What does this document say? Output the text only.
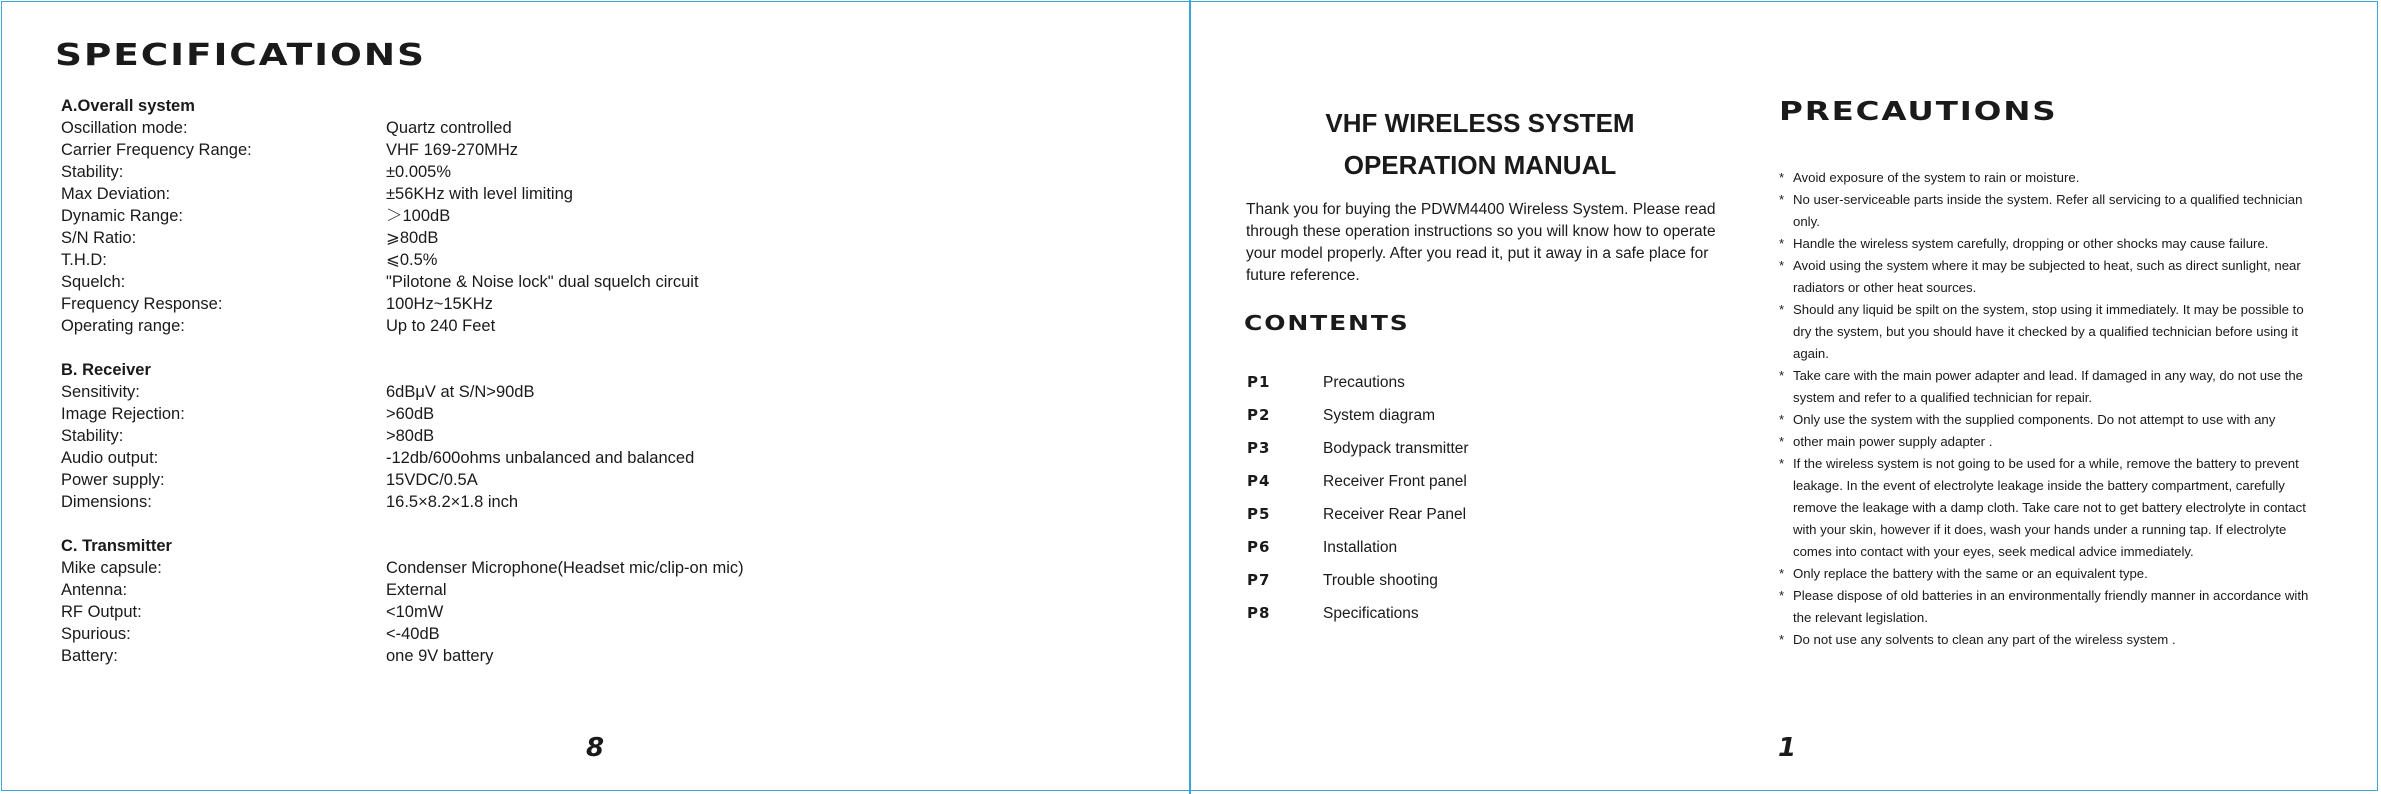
SPECIFICATIONS
A.Overall system
Oscillation mode:	Quartz controlled
Carrier Frequency Range:	VHF 169-270MHz
Stability:	±0.005%
Max Deviation:	±56KHz with level limiting
Dynamic Range:	＞100dB
S/N Ratio:	⩾80dB
T.H.D:	⩽0.5%
Squelch:	"Pilotone & Noise lock" dual squelch circuit
Frequency Response:	100Hz~15KHz
Operating range:	Up to 240 Feet
B. Receiver
Sensitivity:	6dBμV at S/N>90dB
Image Rejection:	>60dB
Stability:	>80dB
Audio output:	-12db/600ohms unbalanced and balanced
Power supply:	15VDC/0.5A
Dimensions:	16.5×8.2×1.8 inch
C. Transmitter
Mike capsule:	Condenser Microphone(Headset mic/clip-on mic)
Antenna:	External
RF Output:	<10mW
Spurious:	<-40dB
Battery:	one 9V battery
8
VHF WIRELESS SYSTEM
OPERATION MANUAL
Thank you for buying the PDWM4400 Wireless System. Please read through these operation instructions so you will know how to operate your model properly. After you read it, put it away in a safe place for future reference.
CONTENTS
P1	Precautions
P2	System diagram
P3	Bodypack transmitter
P4	Receiver Front panel
P5	Receiver Rear Panel
P6	Installation
P7	Trouble shooting
P8	Specifications
PRECAUTIONS
* Avoid exposure of the system to rain or moisture.
* No user-serviceable parts inside the system. Refer all servicing to a qualified technician only.
* Handle the wireless system carefully, dropping or other shocks may cause failure.
* Avoid using the system where it may be subjected to heat, such as direct sunlight, near radiators or other heat sources.
* Should any liquid be spilt on the system, stop using it immediately. It may be possible to dry the system, but you should have it checked by a qualified technician before using it again.
* Take care with the main power adapter and lead. If damaged in any way, do not use the system and refer to a qualified technician for repair.
* Only use the system with the supplied components. Do not attempt to use with any
* other main power supply adapter .
* If the wireless system is not going to be used for a while, remove the battery to prevent leakage. In the event of electrolyte leakage inside the battery compartment, carefully remove the leakage with a damp cloth. Take care not to get battery electrolyte in contact with your skin, however if it does, wash your hands under a running tap. If electrolyte comes into contact with your eyes, seek medical advice immediately.
* Only replace the battery with the same or an equivalent type.
* Please dispose of old batteries in an environmentally friendly manner in accordance with the relevant legislation.
* Do not use any solvents to clean any part of the wireless system .
1
